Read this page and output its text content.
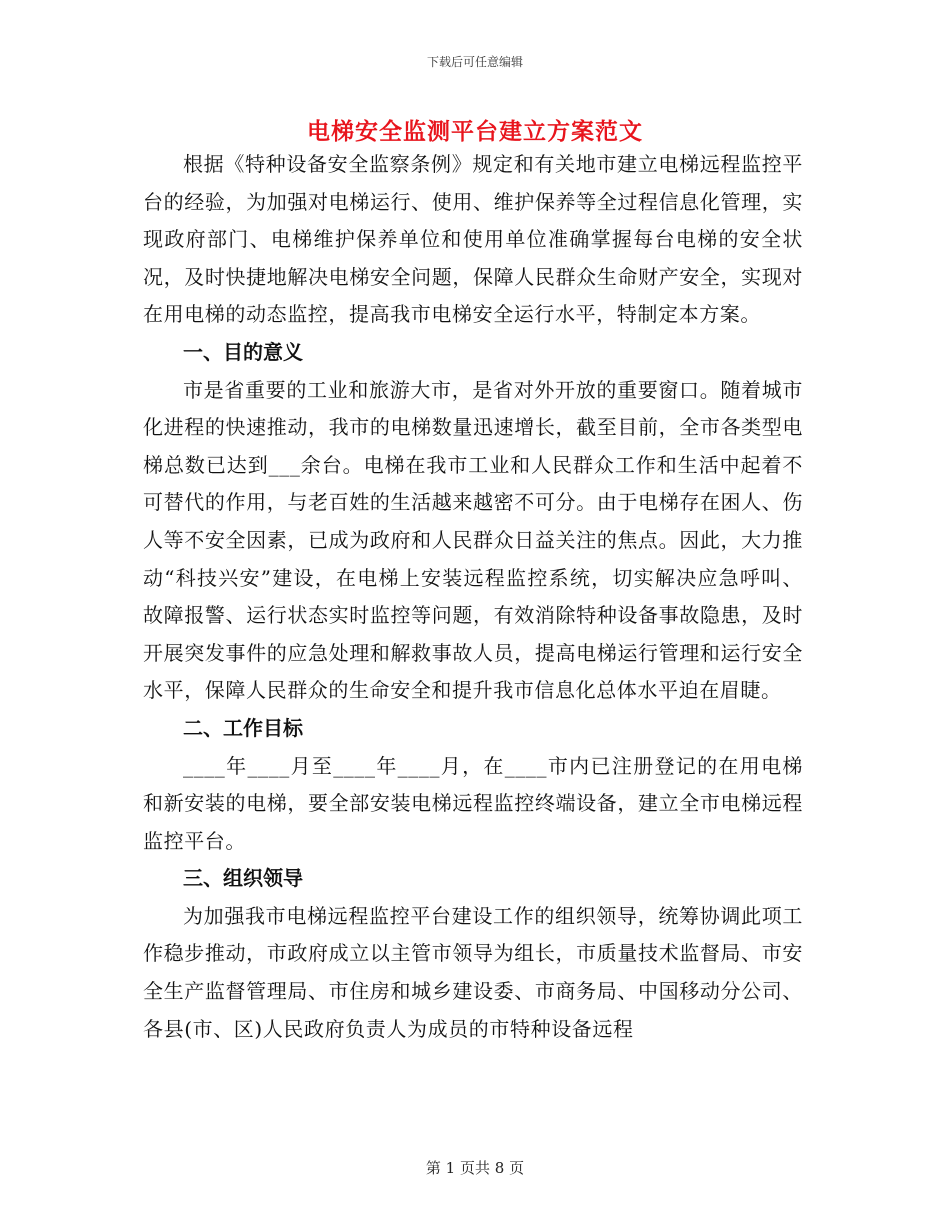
下载后可任意编辑
电梯安全监测平台建立方案范文

根据《特种设备安全监察条例》规定和有关地市建立电梯远程监控平台的经验，为加强对电梯运行、使用、维护保养等全过程信息化管理，实现政府部门、电梯维护保养单位和使用单位准确掌握每台电梯的安全状况，及时快捷地解决电梯安全问题，保障人民群众生命财产安全，实现对在用电梯的动态监控，提高我市电梯安全运行水平，特制定本方案。

一、目的意义

市是省重要的工业和旅游大市，是省对外开放的重要窗口。随着城市化进程的快速推动，我市的电梯数量迅速增长，截至目前，全市各类型电梯总数已达到___余台。电梯在我市工业和人民群众工作和生活中起着不可替代的作用，与老百姓的生活越来越密不可分。由于电梯存在困人、伤人等不安全因素，已成为政府和人民群众日益关注的焦点。因此，大力推动“科技兴安”建设，在电梯上安装远程监控系统，切实解决应急呼叫、故障报警、运行状态实时监控等问题，有效消除特种设备事故隐患，及时开展突发事件的应急处理和解救事故人员，提高电梯运行管理和运行安全水平，保障人民群众的生命安全和提升我市信息化总体水平迫在眉睫。

二、工作目标

____年____月至____年____月，在____市内已注册登记的在用电梯和新安装的电梯，要全部安装电梯远程监控终端设备，建立全市电梯远程监控平台。

三、组织领导

为加强我市电梯远程监控平台建设工作的组织领导，统筹协调此项工作稳步推动，市政府成立以主管市领导为组长，市质量技术监督局、市安全生产监督管理局、市住房和城乡建设委、市商务局、中国移动分公司、各县(市、区)人民政府负责人为成员的市特种设备远程

第 1 页共 8 页
